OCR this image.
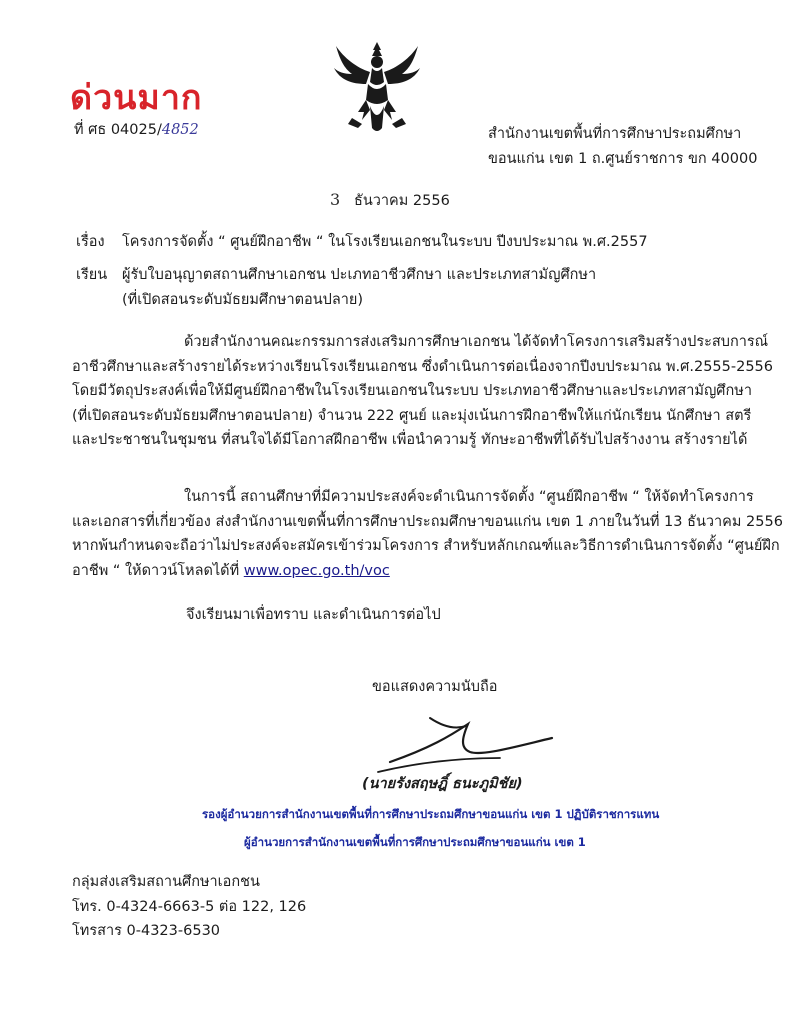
ด่วนมาก
ที่ ศธ 04025/4852	สำนักงานเขตพื้นที่การศึกษาประถมศึกษา
ขอนแก่น เขต 1 ถ.ศูนย์ราชการ ขก 40000
3 ธันวาคม 2556
เรื่อง โครงการจัดตั้ง “ ศูนย์ฝึกอาชีพ “ ในโรงเรียนเอกชนในระบบ ปีงบประมาณ พ.ศ.2557
เรียน ผู้รับใบอนุญาตสถานศึกษาเอกชน ปะเภทอาชีวศึกษา และประเภทสามัญศึกษา
(ที่เปิดสอนระดับมัธยมศึกษาตอนปลาย)

ด้วยสำนักงานคณะกรรมการส่งเสริมการศึกษาเอกชน ได้จัดทำโครงการเสริมสร้างประสบการณ์

อาชีวศึกษาและสร้างรายได้ระหว่างเรียนโรงเรียนเอกชน ซึ่งดำเนินการต่อเนื่องจากปีงบประมาณ พ.ศ.2555-2556

โดยมีวัตถุประสงค์เพื่อให้มีศูนย์ฝึกอาชีพในโรงเรียนเอกชนในระบบ ประเภทอาชีวศึกษาและประเภทสามัญศึกษา

(ที่เปิดสอนระดับมัธยมศึกษาตอนปลาย) จำนวน 222 ศูนย์ และมุ่งเน้นการฝึกอาชีพให้แก่นักเรียน นักศึกษา สตรี

และประชาชนในชุมชน ที่สนใจได้มีโอกาสฝึกอาชีพ เพื่อนำความรู้ ทักษะอาชีพที่ได้รับไปสร้างงาน สร้างรายได้

ในการนี้ สถานศึกษาที่มีความประสงค์จะดำเนินการจัดตั้ง “ศูนย์ฝึกอาชีพ “ ให้จัดทำโครงการ

และเอกสารที่เกี่ยวข้อง ส่งสำนักงานเขตพื้นที่การศึกษาประถมศึกษาขอนแก่น เขต 1 ภายในวันที่ 13 ธันวาคม 2556

หากพ้นกำหนดจะถือว่าไม่ประสงค์จะสมัครเข้าร่วมโครงการ สำหรับหลักเกณฑ์และวิธีการดำเนินการจัดตั้ง “ศูนย์ฝึก

อาชีพ “ ให้ดาวน์โหลดได้ที่ www.opec.go.th/voc

จึงเรียนมาเพื่อทราบ และดำเนินการต่อไป
ขอแสดงความนับถือ
(นายรังสฤษฎิ์ ธนะภูมิชัย)
รองผู้อำนวยการสำนักงานเขตพื้นที่การศึกษาประถมศึกษาขอนแก่น เขต 1 ปฏิบัติราชการแทน
ผู้อำนวยการสำนักงานเขตพื้นที่การศึกษาประถมศึกษาขอนแก่น เขต 1
กลุ่มส่งเสริมสถานศึกษาเอกชน
โทร. 0-4324-6663-5 ต่อ 122, 126
โทรสาร 0-4323-6530
